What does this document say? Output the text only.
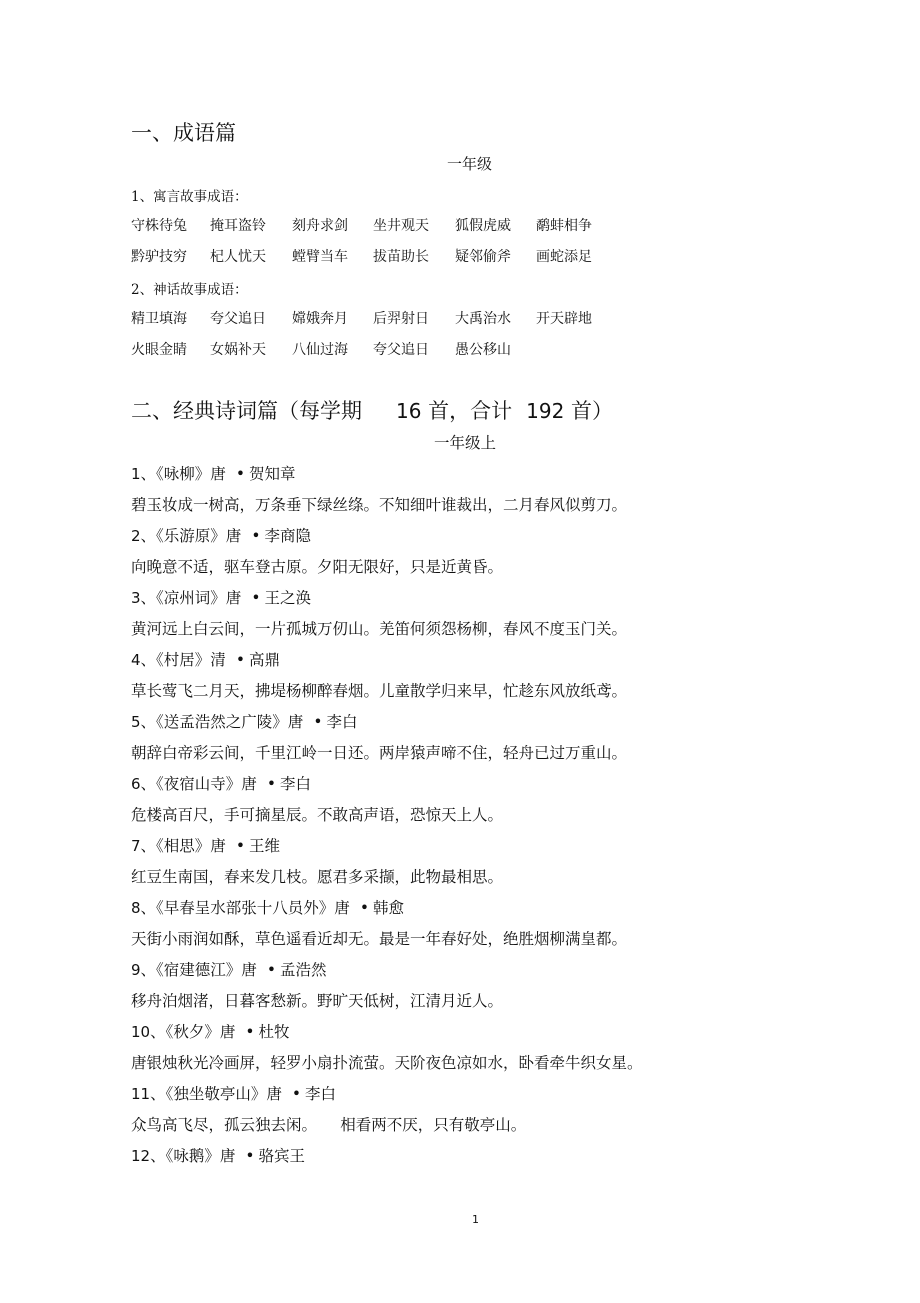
一、成语篇
一年级
1、寓言故事成语：
守株待兔 掩耳盗铃 刻舟求剑 坐井观天 狐假虎威 鹬蚌相争
黔驴技穷 杞人忧天 螳臂当车 拔苗助长 疑邻偷斧 画蛇添足
2、神话故事成语：
精卫填海 夸父追日 嫦娥奔月 后羿射日 大禹治水 开天辟地
火眼金睛 女娲补天 八仙过海 夸父追日 愚公移山
二、经典诗词篇（每学期 16 首，合计 192 首）
一年级上
1、《咏柳》唐 • 贺知章
碧玉妆成一树高，万条垂下绿丝绦。不知细叶谁裁出，二月春风似剪刀。
2、《乐游原》唐 • 李商隐
向晚意不适，驱车登古原。夕阳无限好，只是近黄昏。
3、《凉州词》唐 • 王之涣
黄河远上白云间，一片孤城万仞山。羌笛何须怨杨柳，春风不度玉门关。
4、《村居》清 • 高鼎
草长莺飞二月天，拂堤杨柳醉春烟。儿童散学归来早，忙趁东风放纸鸢。
5、《送孟浩然之广陵》唐 • 李白
朝辞白帝彩云间，千里江岭一日还。两岸猿声啼不住，轻舟已过万重山。
6、《夜宿山寺》唐 • 李白
危楼高百尺，手可摘星辰。不敢高声语，恐惊天上人。
7、《相思》唐 • 王维
红豆生南国，春来发几枝。愿君多采撷，此物最相思。
8、《早春呈水部张十八员外》唐 • 韩愈
天街小雨润如酥，草色遥看近却无。最是一年春好处，绝胜烟柳满皇都。
9、《宿建德江》唐 • 孟浩然
移舟泊烟渚，日暮客愁新。野旷天低树，江清月近人。
10、《秋夕》唐 • 杜牧
唐银烛秋光冷画屏，轻罗小扇扑流萤。天阶夜色凉如水，卧看牵牛织女星。
11、《独坐敬亭山》唐 • 李白
众鸟高飞尽，孤云独去闲。　　相看两不厌，只有敬亭山。
12、《咏鹅》唐 • 骆宾王
1
